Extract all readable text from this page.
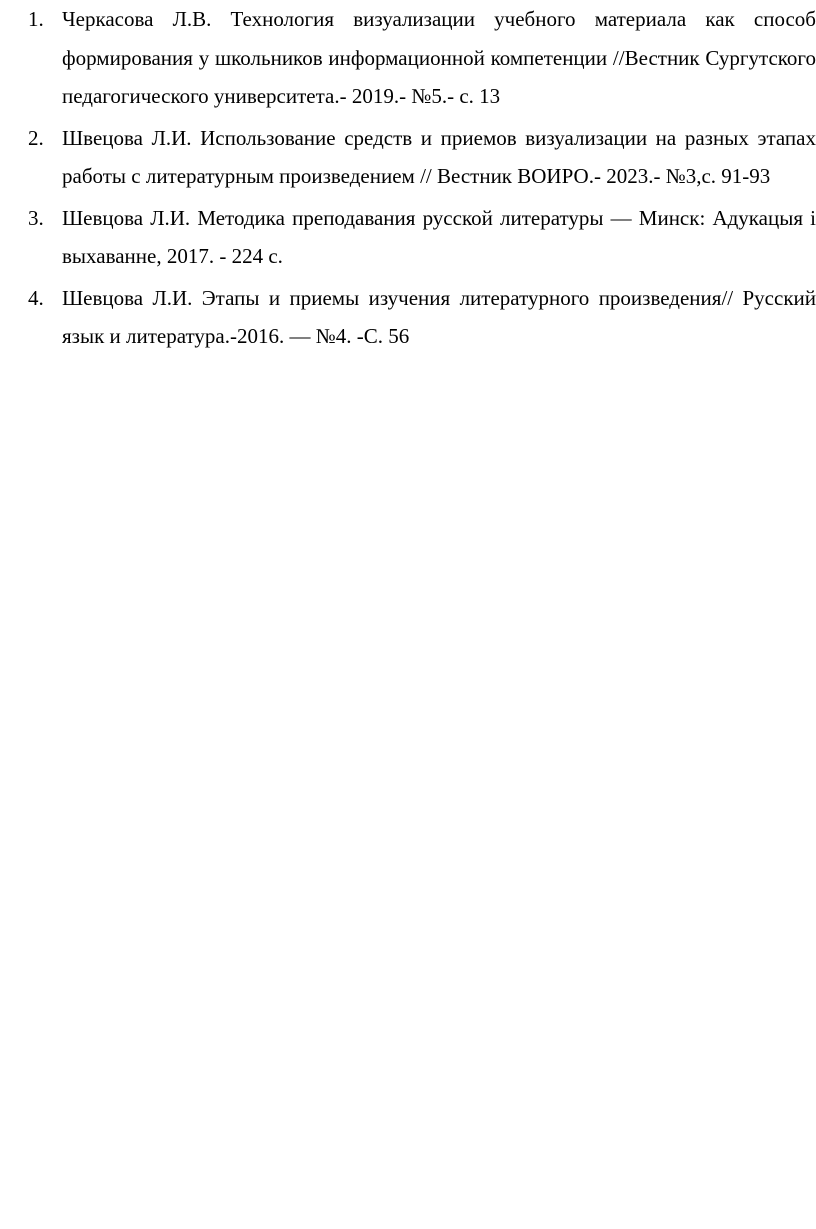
1. Черкасова Л.В. Технология визуализации учебного материала как способ формирования у школьников информационной компетенции //Вестник Сургутского педагогического университета.- 2019.- №5.- с. 13
2. Швецова Л.И. Использование средств и приемов визуализации на разных этапах работы с литературным произведением // Вестник ВОИРО.- 2023.- №3,с. 91-93
3. Шевцова Л.И. Методика преподавания русской литературы — Минск: Адукацыя і выхаванне, 2017. - 224 с.
4. Шевцова Л.И. Этапы и приемы изучения литературного произведения// Русский язык и литература.-2016. — №4. -С. 56
